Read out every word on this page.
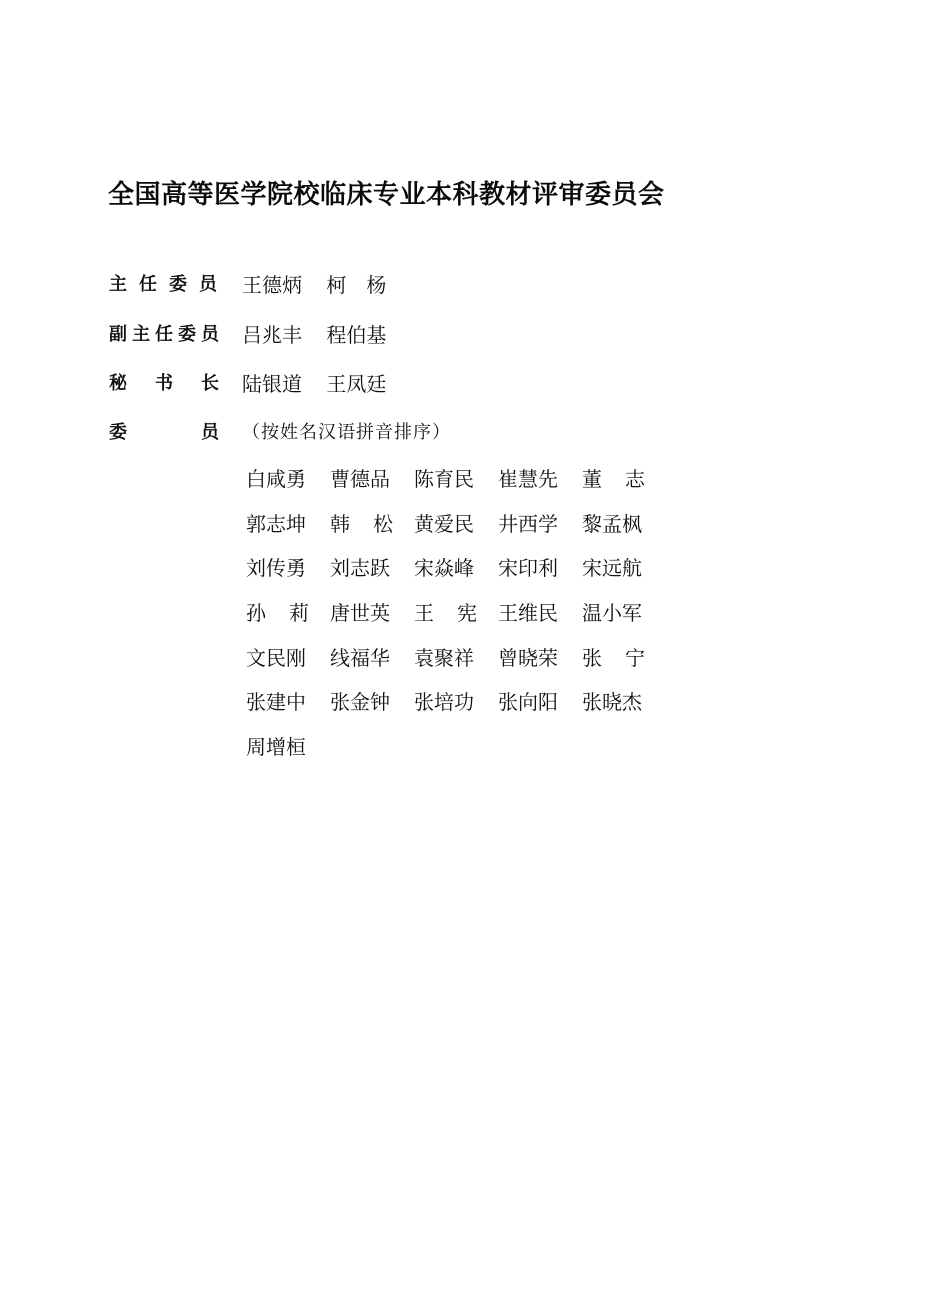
全国高等医学院校临床专业本科教材评审委员会
主 任 委 员 王德炳 柯　杨
副 主 任 委 员 吕兆丰 程伯基
秘 书 长 陆银道 王凤廷
委	员 （按姓名汉语拼音排序）
白咸勇 曹德品 陈育民 崔慧先 董 志
郭志坤 韩 松 黄爱民 井西学 黎孟枫
刘传勇 刘志跃 宋焱峰 宋印利 宋远航
孙 莉 唐世英 王 宪 王维民 温小军
文民刚 线福华 袁聚祥 曾晓荣 张 宁
张建中 张金钟 张培功 张向阳 张晓杰
周增桓
